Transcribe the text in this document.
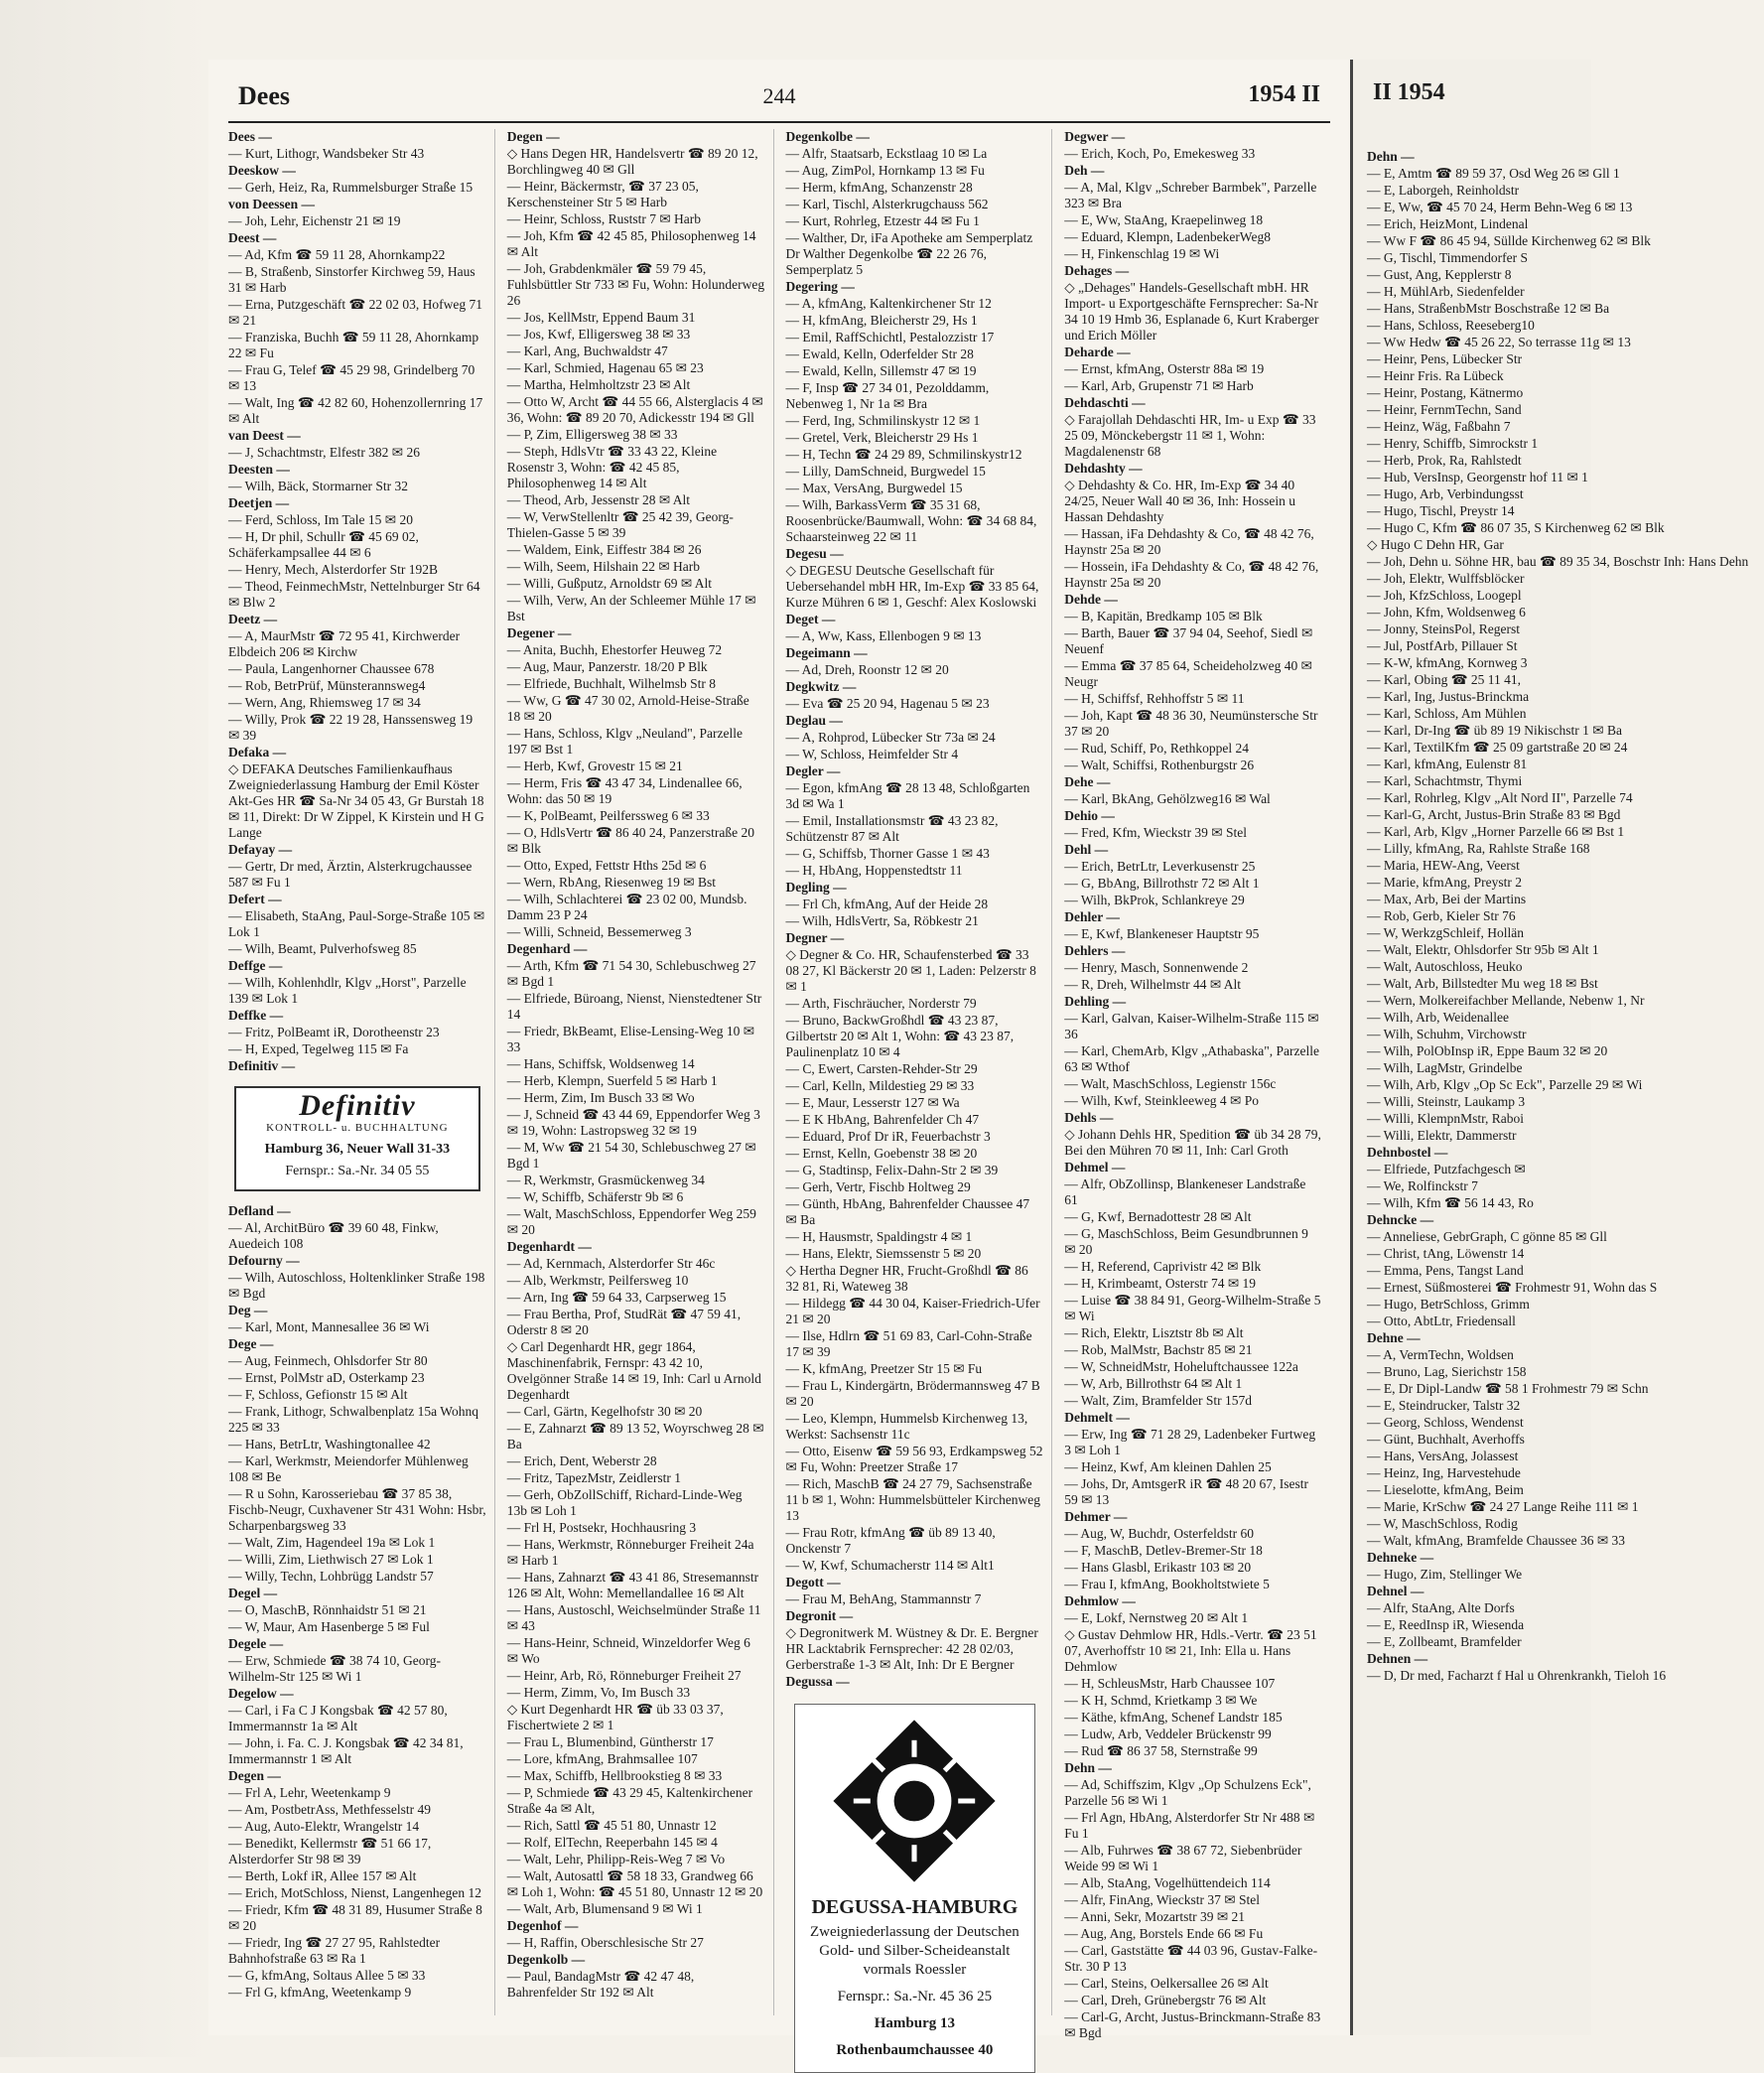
Dees	244	1954 II
Dees —
— Kurt, Lithogr, Wandsbeker Str 43
Deeskow —
— Gerh, Heiz, Ra, Rummelsburger Straße 15
von Deessen —
— Joh, Lehr, Eichenstr 21 ✉ 19
Deest —
— Ad, Kfm ☎ 59 11 28, Ahornkamp22
— B, Straßenb, Sinstorfer Kirchweg 59, Haus 31 ✉ Harb
— Erna, Putzgeschäft ☎ 22 02 03, Hofweg 71 ✉ 21
— Franziska, Buchh ☎ 59 11 28, Ahornkamp 22 ✉ Fu
— Frau G, Telef ☎ 45 29 98, Grindelberg 70 ✉ 13
— Walt, Ing ☎ 42 82 60, Hohenzollernring 17 ✉ Alt
van Deest —
— J, Schachtmstr, Elfestr 382 ✉ 26
Deesten —
— Wilh, Bäck, Stormarner Str 32
Deetjen —
— Ferd, Schloss, Im Tale 15 ✉ 20
— H, Dr phil, Schullr ☎ 45 69 02, Schäferkampsallee 44 ✉ 6
— Henry, Mech, Alsterdorfer Str 192B
— Theod, FeinmechMstr, Nettelnburger Str 64 ✉ Blw 2
Deetz —
— A, MaurMstr ☎ 72 95 41, Kirchwerder Elbdeich 206 ✉ Kirchw
— Paula, Langenhorner Chaussee 678
— Rob, BetrPrüf, Münsterannsweg4
— Wern, Ang, Rhiemsweg 17 ✉ 34
— Willy, Prok ☎ 22 19 28, Hanssensweg 19 ✉ 39
Defaka —
◇ DEFAKA Deutsches Familienkaufhaus Zweigniederlassung Hamburg der Emil Köster Akt-Ges HR ☎ Sa-Nr 34 05 43, Gr Burstah 18 ✉ 11, Direkt: Dr W Zippel, K Kirstein und H G Lange
Defayay —
— Gertr, Dr med, Ärztin, Alsterkrugchaussee 587 ✉ Fu 1
Defert —
— Elisabeth, StaAng, Paul-Sorge-Straße 105 ✉ Lok 1
— Wilh, Beamt, Pulverhofsweg 85
Deffge —
— Wilh, Kohlenhdlr, Klgv „Horst", Parzelle 139 ✉ Lok 1
Deffke —
— Fritz, PolBeamt iR, Dorotheenstr 23
— H, Exped, Tegelweg 115 ✉ Fa
Definitiv —
Definitiv
KONTROLL- u. BUCHHALTUNG
Hamburg 36, Neuer Wall 31-33
Fernspr.: Sa.-Nr. 34 05 55
Defland —
— Al, ArchitBüro ☎ 39 60 48, Finkw, Auedeich 108
Defourny —
— Wilh, Autoschloss, Holtenklinker Straße 198 ✉ Bgd
Deg —
— Karl, Mont, Mannesallee 36 ✉ Wi
Dege —
— Aug, Feinmech, Ohlsdorfer Str 80
— Ernst, PolMstr aD, Osterkamp 23
— F, Schloss, Gefionstr 15 ✉ Alt
— Frank, Lithogr, Schwalbenplatz 15a Wohnq 225 ✉ 33
— Hans, BetrLtr, Washingtonallee 42
— Karl, Werkmstr, Meiendorfer Mühlenweg 108 ✉ Be
— R u Sohn, Karosseriebau ☎ 37 85 38, Fischb-Neugr, Cuxhavener Str 431 Wohn: Hsbr, Scharpenbargsweg 33
— Walt, Zim, Hagendeel 19a ✉ Lok 1
— Willi, Zim, Liethwisch 27 ✉ Lok 1
— Willy, Techn, Lohbrügg Landstr 57
Degel —
— O, MaschB, Rönnhaidstr 51 ✉ 21
— W, Maur, Am Hasenberge 5 ✉ Ful
Degele —
— Erw, Schmiede ☎ 38 74 10, Georg-Wilhelm-Str 125 ✉ Wi 1
Degelow —
— Carl, i Fa C J Kongsbak ☎ 42 57 80, Immermannstr 1a ✉ Alt
— John, i. Fa. C. J. Kongsbak ☎ 42 34 81, Immermannstr 1 ✉ Alt
Degen —
— Frl A, Lehr, Weetenkamp 9
— Am, PostbetrAss, Methfesselstr 49
— Aug, Auto-Elektr, Wrangelstr 14
— Benedikt, Kellermstr ☎ 51 66 17, Alsterdorfer Str 98 ✉ 39
— Berth, Lokf iR, Allee 157 ✉ Alt
— Erich, MotSchloss, Nienst, Langenhegen 12
— Friedr, Kfm ☎ 48 31 89, Husumer Straße 8 ✉ 20
— Friedr, Ing ☎ 27 27 95, Rahlstedter Bahnhofstraße 63 ✉ Ra 1
— G, kfmAng, Soltaus Allee 5 ✉ 33
— Frl G, kfmAng, Weetenkamp 9
Degen —
◇ Hans Degen HR, Handelsvertr ☎ 89 20 12, Borchlingweg 40 ✉ Gll
— Heinr, Bäckermstr, ☎ 37 23 05, Kerschensteiner Str 5 ✉ Harb
— Heinr, Schloss, Ruststr 7 ✉ Harb
— Joh, Kfm ☎ 42 45 85, Philosophenweg 14 ✉ Alt
— Joh, Grabdenkmäler ☎ 59 79 45, Fuhlsbüttler Str 733 ✉ Fu, Wohn: Holunderweg 26
— Jos, KellMstr, Eppend Baum 31
— Jos, Kwf, Elligersweg 38 ✉ 33
— Karl, Ang, Buchwaldstr 47
— Karl, Schmied, Hagenau 65 ✉ 23
— Martha, Helmholtzstr 23 ✉ Alt
— Otto W, Archt ☎ 44 55 66, Alsterglacis 4 ✉ 36, Wohn: ☎ 89 20 70, Adickesstr 194 ✉ Gll
— P, Zim, Elligersweg 38 ✉ 33
— Steph, HdlsVtr ☎ 33 43 22, Kleine Rosenstr 3, Wohn: ☎ 42 45 85, Philosophenweg 14 ✉ Alt
— Theod, Arb, Jessenstr 28 ✉ Alt
— W, VerwStellenltr ☎ 25 42 39, Georg-Thielen-Gasse 5 ✉ 39
— Waldem, Eink, Eiffestr 384 ✉ 26
— Wilh, Seem, Hilshain 22 ✉ Harb
— Willi, Gußputz, Arnoldstr 69 ✉ Alt
— Wilh, Verw, An der Schleemer Mühle 17 ✉ Bst
Degener —
— Anita, Buchh, Ehestorfer Heuweg 72
— Aug, Maur, Panzerstr. 18/20 P Blk
— Elfriede, Buchhalt, Wilhelmsb Str 8
— Ww, G ☎ 47 30 02, Arnold-Heise-Straße 18 ✉ 20
— Hans, Schloss, Klgv „Neuland", Parzelle 197 ✉ Bst 1
— Herb, Kwf, Grovestr 15 ✉ 21
— Herm, Fris ☎ 43 47 34, Lindenallee 66, Wohn: das 50 ✉ 19
— K, PolBeamt, Peilferssweg 6 ✉ 33
— O, HdlsVertr ☎ 86 40 24, Panzerstraße 20 ✉ Blk
— Otto, Exped, Fettstr Hths 25d ✉ 6
— Wern, RbAng, Riesenweg 19 ✉ Bst
— Wilh, Schlachterei ☎ 23 02 00, Mundsb. Damm 23 P 24
— Willi, Schneid, Bessemerweg 3
Degenhard —
— Arth, Kfm ☎ 71 54 30, Schlebuschweg 27 ✉ Bgd 1
— Elfriede, Büroang, Nienst, Nienstedtener Str 14
— Friedr, BkBeamt, Elise-Lensing-Weg 10 ✉ 33
— Hans, Schiffsk, Woldsenweg 14
— Herb, Klempn, Suerfeld 5 ✉ Harb 1
— Herm, Zim, Im Busch 33 ✉ Wo
— J, Schneid ☎ 43 44 69, Eppendorfer Weg 3 ✉ 19, Wohn: Lastropsweg 32 ✉ 19
— M, Ww ☎ 21 54 30, Schlebuschweg 27 ✉ Bgd 1
— R, Werkmstr, Grasmückenweg 34
— W, Schiffb, Schäferstr 9b ✉ 6
— Walt, MaschSchloss, Eppendorfer Weg 259 ✉ 20
Degenhardt —
— Ad, Kernmach, Alsterdorfer Str 46c
— Alb, Werkmstr, Peilfersweg 10
— Arn, Ing ☎ 59 64 33, Carpserweg 15
— Frau Bertha, Prof, StudRät ☎ 47 59 41, Oderstr 8 ✉ 20
◇ Carl Degenhardt HR, gegr 1864, Maschinenfabrik, Fernspr: 43 42 10, Ovelgönner Straße 14 ✉ 19, Inh: Carl u Arnold Degenhardt
— Carl, Gärtn, Kegelhofstr 30 ✉ 20
— E, Zahnarzt ☎ 89 13 52, Woyrschweg 28 ✉ Ba
— Erich, Dent, Weberstr 28
— Fritz, TapezMstr, Zeidlerstr 1
— Gerh, ObZollSchiff, Richard-Linde-Weg 13b ✉ Loh 1
— Frl H, Postsekr, Hochhausring 3
— Hans, Werkmstr, Rönneburger Freiheit 24a ✉ Harb 1
— Hans, Zahnarzt ☎ 43 41 86, Stresemannstr 126 ✉ Alt, Wohn: Memellandallee 16 ✉ Alt
— Hans, Austoschl, Weichselmünder Straße 11 ✉ 43
— Hans-Heinr, Schneid, Winzeldorfer Weg 6 ✉ Wo
— Heinr, Arb, Rö, Rönneburger Freiheit 27
— Herm, Zimm, Vo, Im Busch 33
◇ Kurt Degenhardt HR ☎ üb 33 03 37, Fischertwiete 2 ✉ 1
— Frau L, Blumenbind, Güntherstr 17
— Lore, kfmAng, Brahmsallee 107
— Max, Schiffb, Hellbrookstieg 8 ✉ 33
— P, Schmiede ☎ 43 29 45, Kaltenkirchener Straße 4a ✉ Alt,
— Rich, Sattl ☎ 45 51 80, Unnastr 12
— Rolf, ElTechn, Reeperbahn 145 ✉ 4
— Walt, Lehr, Philipp-Reis-Weg 7 ✉ Vo
— Walt, Autosattl ☎ 58 18 33, Grandweg 66 ✉ Loh 1, Wohn: ☎ 45 51 80, Unnastr 12 ✉ 20
— Walt, Arb, Blumensand 9 ✉ Wi 1
Degenhof —
— H, Raffin, Oberschlesische Str 27
Degenkolb —
— Paul, BandagMstr ☎ 42 47 48, Bahrenfelder Str 192 ✉ Alt
Degenkolbe —
— Alfr, Staatsarb, Eckstlaag 10 ✉ La
— Aug, ZimPol, Hornkamp 13 ✉ Fu
— Herm, kfmAng, Schanzenstr 28
— Karl, Tischl, Alsterkrugchauss 562
— Kurt, Rohrleg, Etzestr 44 ✉ Fu 1
— Walther, Dr, iFa Apotheke am Semperplatz Dr Walther Degenkolbe ☎ 22 26 76, Semperplatz 5
Degering —
— A, kfmAng, Kaltenkirchener Str 12
— H, kfmAng, Bleicherstr 29, Hs 1
— Emil, RaffSchichtl, Pestalozzistr 17
— Ewald, Kelln, Oderfelder Str 28
— Ewald, Kelln, Sillemstr 47 ✉ 19
— F, Insp ☎ 27 34 01, Pezolddamm, Nebenweg 1, Nr 1a ✉ Bra
— Ferd, Ing, Schmilinskystr 12 ✉ 1
— Gretel, Verk, Bleicherstr 29 Hs 1
— H, Techn ☎ 24 29 89, Schmilinskystr12
— Lilly, DamSchneid, Burgwedel 15
— Max, VersAng, Burgwedel 15
— Wilh, BarkassVerm ☎ 35 31 68, Roosenbrücke/Baumwall, Wohn: ☎ 34 68 84, Schaarsteinweg 22 ✉ 11
Degesu —
◇ DEGESU Deutsche Gesellschaft für Uebersehandel mbH HR, Im-Exp ☎ 33 85 64, Kurze Mühren 6 ✉ 1, Geschf: Alex Koslowski
Deget —
— A, Ww, Kass, Ellenbogen 9 ✉ 13
Degeimann —
— Ad, Dreh, Roonstr 12 ✉ 20
Degkwitz —
— Eva ☎ 25 20 94, Hagenau 5 ✉ 23
Deglau —
— A, Rohprod, Lübecker Str 73a ✉ 24
— W, Schloss, Heimfelder Str 4
Degler —
— Egon, kfmAng ☎ 28 13 48, Schloßgarten 3d ✉ Wa 1
— Emil, Installationsmstr ☎ 43 23 82, Schützenstr 87 ✉ Alt
— G, Schiffsb, Thorner Gasse 1 ✉ 43
— H, HbAng, Hoppenstedtstr 11
Degling —
— Frl Ch, kfmAng, Auf der Heide 28
— Wilh, HdlsVertr, Sa, Röbkestr 21
Degner —
◇ Degner & Co. HR, Schaufensterbed ☎ 33 08 27, Kl Bäckerstr 20 ✉ 1, Laden: Pelzerstr 8 ✉ 1
— Arth, Fischräucher, Norderstr 79
— Bruno, BackwGroßhdl ☎ 43 23 87, Gilbertstr 20 ✉ Alt 1, Wohn: ☎ 43 23 87, Paulinenplatz 10 ✉ 4
— C, Ewert, Carsten-Rehder-Str 29
— Carl, Kelln, Mildestieg 29 ✉ 33
— E, Maur, Lesserstr 127 ✉ Wa
— E K HbAng, Bahrenfelder Ch 47
— Eduard, Prof Dr iR, Feuerbachstr 3
— Ernst, Kelln, Goebenstr 38 ✉ 20
— G, Stadtinsp, Felix-Dahn-Str 2 ✉ 39
— Gerh, Vertr, Fischb Holtweg 29
— Günth, HbAng, Bahrenfelder Chaussee 47 ✉ Ba
— H, Hausmstr, Spaldingstr 4 ✉ 1
— Hans, Elektr, Siemssenstr 5 ✉ 20
◇ Hertha Degner HR, Frucht-Großhdl ☎ 86 32 81, Ri, Wateweg 38
— Hildegg ☎ 44 30 04, Kaiser-Friedrich-Ufer 21 ✉ 20
— Ilse, Hdlrn ☎ 51 69 83, Carl-Cohn-Straße 17 ✉ 39
— K, kfmAng, Preetzer Str 15 ✉ Fu
— Frau L, Kindergärtn, Brödermannsweg 47 B ✉ 20
— Leo, Klempn, Hummelsb Kirchenweg 13, Werkst: Sachsenstr 11c
— Otto, Eisenw ☎ 59 56 93, Erdkampsweg 52 ✉ Fu, Wohn: Preetzer Straße 17
— Rich, MaschB ☎ 24 27 79, Sachsenstraße 11 b ✉ 1, Wohn: Hummelsbütteler Kirchenweg 13
— Frau Rotr, kfmAng ☎ üb 89 13 40, Onckenstr 7
— W, Kwf, Schumacherstr 114 ✉ Alt1
Degott —
— Frau M, BehAng, Stammannstr 7
Degronit —
◇ Degronitwerk M. Wüstney & Dr. E. Bergner HR Lacktabrik Fernsprecher: 42 28 02/03, Gerberstraße 1-3 ✉ Alt, Inh: Dr E Bergner
Degussa —
DEGUSSA-HAMBURG
Zweigniederlassung der Deutschen Gold- und Silber-Scheideanstalt vormals Roessler
Fernspr.: Sa.-Nr. 45 36 25
Hamburg 13
Rothenbaumchaussee 40
Degwer —
— Erich, Koch, Po, Emekesweg 33
Deh —
— A, Mal, Klgv „Schreber Barmbek", Parzelle 323 ✉ Bra
— E, Ww, StaAng, Kraepelinweg 18
— Eduard, Klempn, LadenbekerWeg8
— H, Finkenschlag 19 ✉ Wi
Dehages —
◇ „Dehages" Handels-Gesellschaft mbH. HR Import- u Exportgeschäfte Fernsprecher: Sa-Nr 34 10 19 Hmb 36, Esplanade 6, Kurt Kraberger und Erich Möller
Deharde —
— Ernst, kfmAng, Osterstr 88a ✉ 19
— Karl, Arb, Grupenstr 71 ✉ Harb
Dehdaschti —
◇ Farajollah Dehdaschti HR, Im- u Exp ☎ 33 25 09, Mönckebergstr 11 ✉ 1, Wohn: Magdalenenstr 68
Dehdashty —
◇ Dehdashty & Co. HR, Im-Exp ☎ 34 40 24/25, Neuer Wall 40 ✉ 36, Inh: Hossein u Hassan Dehdashty
— Hassan, iFa Dehdashty & Co, ☎ 48 42 76, Haynstr 25a ✉ 20
— Hossein, iFa Dehdashty & Co, ☎ 48 42 76, Haynstr 25a ✉ 20
Dehde —
— B, Kapitän, Bredkamp 105 ✉ Blk
— Barth, Bauer ☎ 37 94 04, Seehof, Siedl ✉ Neuenf
— Emma ☎ 37 85 64, Scheideholzweg 40 ✉ Neugr
— H, Schiffsf, Rehhoffstr 5 ✉ 11
— Joh, Kapt ☎ 48 36 30, Neumünstersche Str 37 ✉ 20
— Rud, Schiff, Po, Rethkoppel 24
— Walt, Schiffsi, Rothenburgstr 26
Dehe —
— Karl, BkAng, Gehölzweg16 ✉ Wal
Dehio —
— Fred, Kfm, Wieckstr 39 ✉ Stel
Dehl —
— Erich, BetrLtr, Leverkusenstr 25
— G, BbAng, Billrothstr 72 ✉ Alt 1
— Wilh, BkProk, Schlankreye 29
Dehler —
— E, Kwf, Blankeneser Hauptstr 95
Dehlers —
— Henry, Masch, Sonnenwende 2
— R, Dreh, Wilhelmstr 44 ✉ Alt
Dehling —
— Karl, Galvan, Kaiser-Wilhelm-Straße 115 ✉ 36
— Karl, ChemArb, Klgv „Athabaska", Parzelle 63 ✉ Wthof
— Walt, MaschSchloss, Legienstr 156c
— Wilh, Kwf, Steinkleeweg 4 ✉ Po
Dehls —
◇ Johann Dehls HR, Spedition ☎ üb 34 28 79, Bei den Mühren 70 ✉ 11, Inh: Carl Groth
Dehmel —
— Alfr, ObZollinsp, Blankeneser Landstraße 61
— G, Kwf, Bernadottestr 28 ✉ Alt
— G, MaschSchloss, Beim Gesundbrunnen 9 ✉ 20
— H, Referend, Caprivistr 42 ✉ Blk
— H, Krimbeamt, Osterstr 74 ✉ 19
— Luise ☎ 38 84 91, Georg-Wilhelm-Straße 5 ✉ Wi
— Rich, Elektr, Lisztstr 8b ✉ Alt
— Rob, MalMstr, Bachstr 85 ✉ 21
— W, SchneidMstr, Hoheluftchaussee 122a
— W, Arb, Billrothstr 64 ✉ Alt 1
— Walt, Zim, Bramfelder Str 157d
Dehmelt —
— Erw, Ing ☎ 71 28 29, Ladenbeker Furtweg 3 ✉ Loh 1
— Heinz, Kwf, Am kleinen Dahlen 25
— Johs, Dr, AmtsgerR iR ☎ 48 20 67, Isestr 59 ✉ 13
Dehmer —
— Aug, W, Buchdr, Osterfeldstr 60
— F, MaschB, Detlev-Bremer-Str 18
— Hans Glasbl, Erikastr 103 ✉ 20
— Frau I, kfmAng, Bookholtstwiete 5
Dehmlow —
— E, Lokf, Nernstweg 20 ✉ Alt 1
◇ Gustav Dehmlow HR, Hdls.-Vertr. ☎ 23 51 07, Averhoffstr 10 ✉ 21, Inh: Ella u. Hans Dehmlow
— H, SchleusMstr, Harb Chaussee 107
— K H, Schmd, Krietkamp 3 ✉ We
— Käthe, kfmAng, Schenef Landstr 185
— Ludw, Arb, Veddeler Brückenstr 99
— Rud ☎ 86 37 58, Sternstraße 99
Dehn —
— Ad, Schiffszim, Klgv „Op Schulzens Eck", Parzelle 56 ✉ Wi 1
— Frl Agn, HbAng, Alsterdorfer Str Nr 488 ✉ Fu 1
— Alb, Fuhrwes ☎ 38 67 72, Siebenbrüder Weide 99 ✉ Wi 1
— Alb, StaAng, Vogelhüttendeich 114
— Alfr, FinAng, Wieckstr 37 ✉ Stel
— Anni, Sekr, Mozartstr 39 ✉ 21
— Aug, Ang, Borstels Ende 66 ✉ Fu
— Carl, Gaststätte ☎ 44 03 96, Gustav-Falke-Str. 30 P 13
— Carl, Steins, Oelkersallee 26 ✉ Alt
— Carl, Dreh, Grünebergstr 76 ✉ Alt
— Carl-G, Archt, Justus-Brinckmann-Straße 83 ✉ Bgd
II 1954
Dehn —
— E, Amtm ☎ 89 59 37, Osd Weg 26 ✉ Gll 1
— E, Laborgeh, Reinholdstr
— E, Ww, ☎ 45 70 24, Herm Behn-Weg 6 ✉ 13
— Erich, HeizMont, Lindenal
— Ww F ☎ 86 45 94, Süllde Kirchenweg 62 ✉ Blk
— G, Tischl, Timmendorfer S
— Gust, Ang, Kepplerstr 8
— H, MühlArb, Siedenfelder
— Hans, StraßenbMstr Boschstraße 12 ✉ Ba
— Hans, Schloss, Reeseberg10
— Ww Hedw ☎ 45 26 22, So terrasse 11g ✉ 13
— Heinr, Pens, Lübecker Str
— Heinr Fris. Ra Lübeck
— Heinr, Postang, Kätnermo
— Heinr, FernmTechn, Sand
— Heinz, Wäg, Faßbahn 7
— Henry, Schiffb, Simrockstr 1
— Herb, Prok, Ra, Rahlstedt
— Hub, VersInsp, Georgenstr hof 11 ✉ 1
— Hugo, Arb, Verbindungsst
— Hugo, Tischl, Preystr 14
— Hugo C, Kfm ☎ 86 07 35, S Kirchenweg 62 ✉ Blk
◇ Hugo C Dehn HR, Gar
— Joh, Dehn u. Söhne HR, bau ☎ 89 35 34, Boschstr Inh: Hans Dehn
— Joh, Elektr, Wulffsblöcker
— Joh, KfzSchloss, Loogepl
— John, Kfm, Woldsenweg 6
— Jonny, SteinsPol, Regerst
— Jul, PostfArb, Pillauer St
— K-W, kfmAng, Kornweg 3
— Karl, Obing ☎ 25 11 41,
— Karl, Ing, Justus-Brinckma
— Karl, Schloss, Am Mühlen
— Karl, Dr-Ing ☎ üb 89 19 Nikischstr 1 ✉ Ba
— Karl, TextilKfm ☎ 25 09 gartstraße 20 ✉ 24
— Karl, kfmAng, Eulenstr 81
— Karl, Schachtmstr, Thymi
— Karl, Rohrleg, Klgv „Alt Nord II", Parzelle 74
— Karl-G, Archt, Justus-Brin Straße 83 ✉ Bgd
— Karl, Arb, Klgv „Horner Parzelle 66 ✉ Bst 1
— Lilly, kfmAng, Ra, Rahlste Straße 168
— Maria, HEW-Ang, Veerst
— Marie, kfmAng, Preystr 2
— Max, Arb, Bei der Martins
— Rob, Gerb, Kieler Str 76
— W, WerkzgSchleif, Hollän
— Walt, Elektr, Ohlsdorfer Str 95b ✉ Alt 1
— Walt, Autoschloss, Heuko
— Walt, Arb, Billstedter Mu weg 18 ✉ Bst
— Wern, Molkereifachber Mellande, Nebenw 1, Nr
— Wilh, Arb, Weidenallee
— Wilh, Schuhm, Virchowstr
— Wilh, PolObInsp iR, Eppe Baum 32 ✉ 20
— Wilh, LagMstr, Grindelbe
— Wilh, Arb, Klgv „Op Sc Eck", Parzelle 29 ✉ Wi
— Willi, Steinstr, Laukamp 3
— Willi, KlempnMstr, Raboi
— Willi, Elektr, Dammerstr
Dehnbostel —
— Elfriede, Putzfachgesch ✉
— We, Rolfinckstr 7
— Wilh, Kfm ☎ 56 14 43, Ro
Dehncke —
— Anneliese, GebrGraph, C gönne 85 ✉ Gll
— Christ, tAng, Löwenstr 14
— Emma, Pens, Tangst Land
— Ernest, Süßmosterei ☎ Frohmestr 91, Wohn das S
— Hugo, BetrSchloss, Grimm
— Otto, AbtLtr, Friedensall
Dehne —
— A, VermTechn, Woldsen
— Bruno, Lag, Sierichstr 158
— E, Dr Dipl-Landw ☎ 58 1 Frohmestr 79 ✉ Schn
— E, Steindrucker, Talstr 32
— Georg, Schloss, Wendenst
— Günt, Buchhalt, Averhoffs
— Hans, VersAng, Jolassest
— Heinz, Ing, Harvestehude
— Lieselotte, kfmAng, Beim
— Marie, KrSchw ☎ 24 27 Lange Reihe 111 ✉ 1
— W, MaschSchloss, Rodig
— Walt, kfmAng, Bramfelde Chaussee 36 ✉ 33
Dehneke —
— Hugo, Zim, Stellinger We
Dehnel —
— Alfr, StaAng, Alte Dorfs
— E, ReedInsp iR, Wiesenda
— E, Zollbeamt, Bramfelder
Dehnen —
— D, Dr med, Facharzt f Hal u Ohrenkrankh, Tieloh 16
